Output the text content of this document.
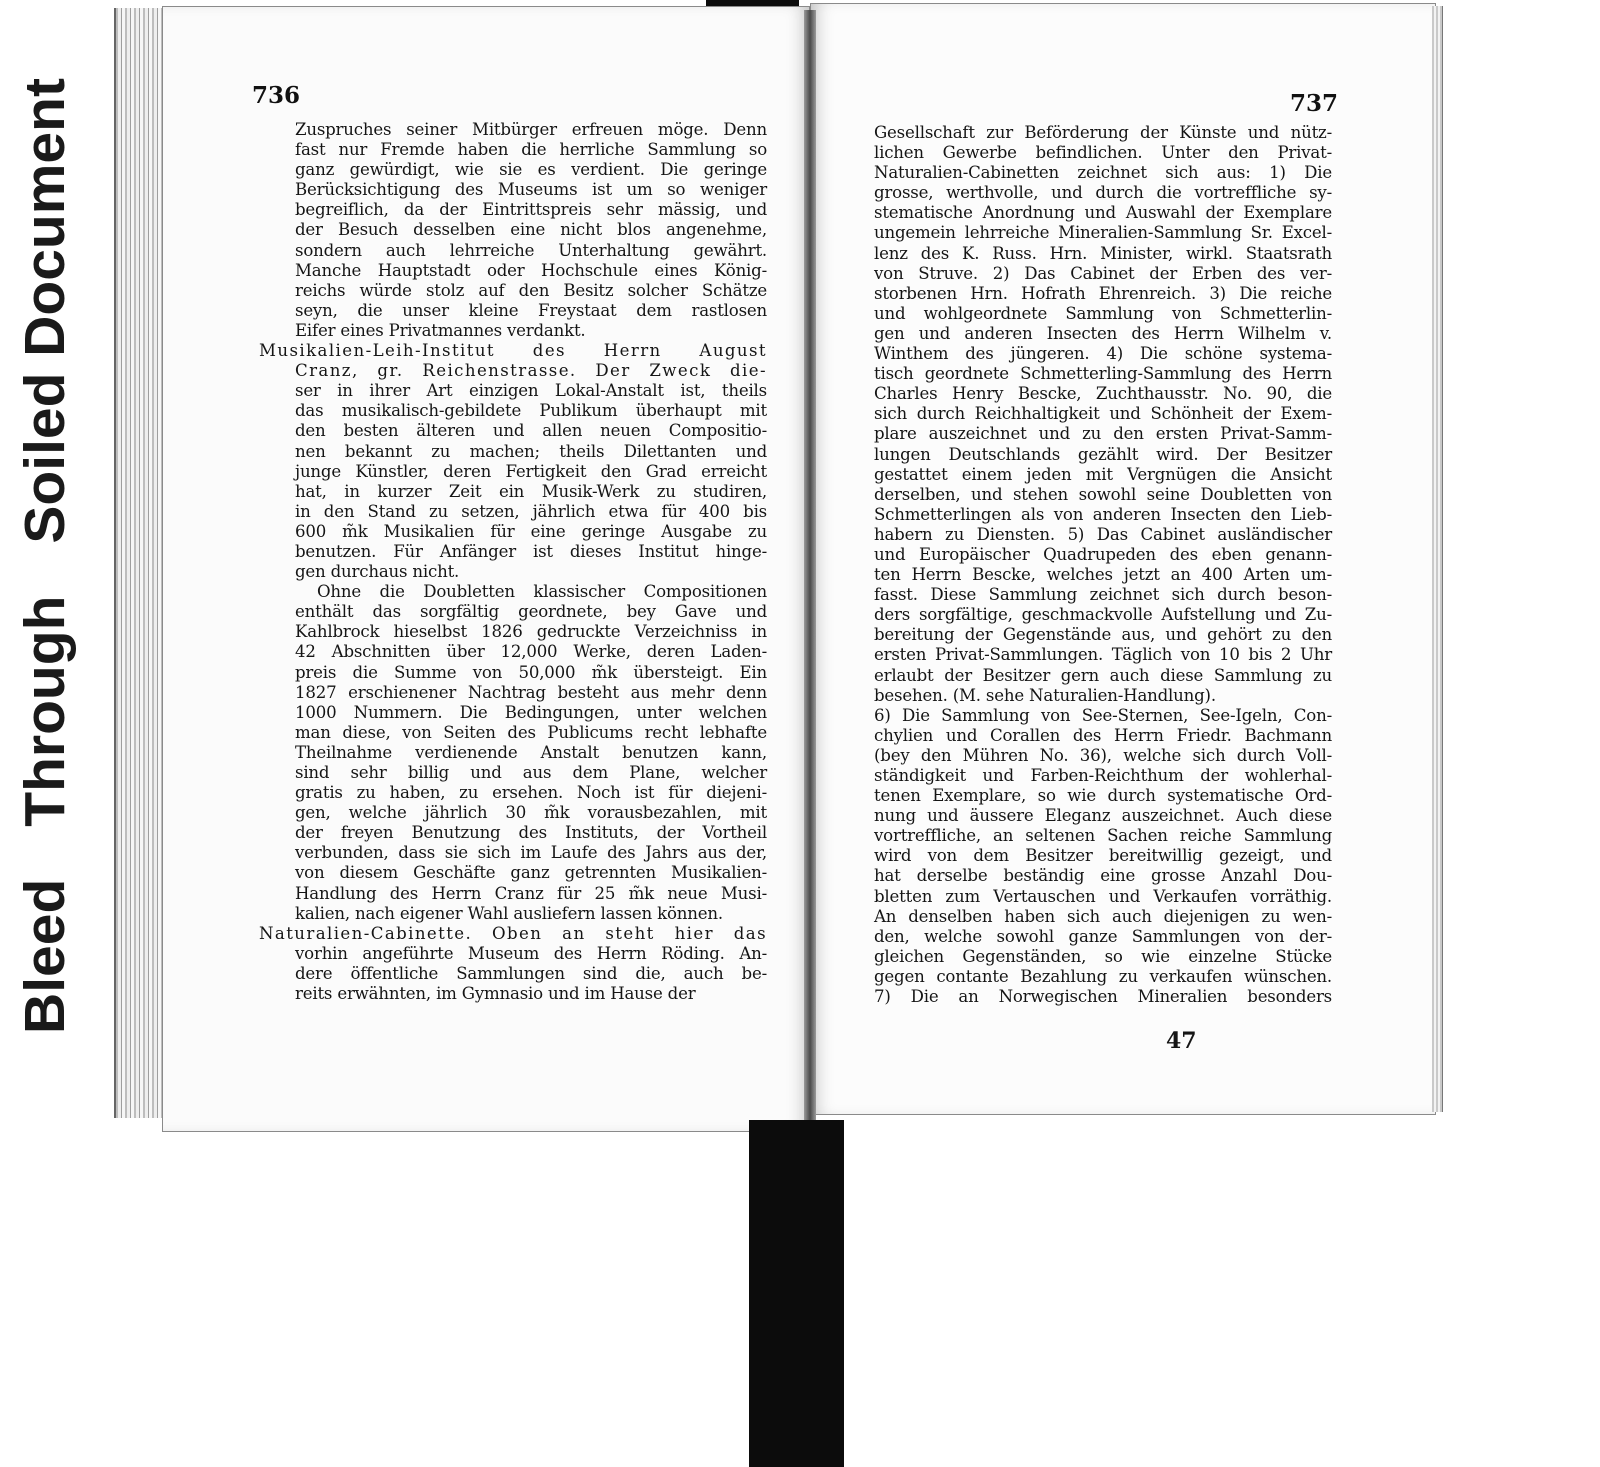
BleedThroughSoiled Document	736	737
Zuspruches seiner Mitbürger erfreuen möge. Denn
fast nur Fremde haben die herrliche Sammlung so
ganz gewürdigt, wie sie es verdient. Die geringe
Berücksichtigung des Museums ist um so weniger
begreiflich, da der Eintrittspreis sehr mässig, und
der Besuch desselben eine nicht blos angenehme,
sondern auch lehrreiche Unterhaltung gewährt.
Manche Hauptstadt oder Hochschule eines König-
reichs würde stolz auf den Besitz solcher Schätze
seyn, die unser kleine Freystaat dem rastlosen
Eifer eines Privatmannes verdankt.
Musikalien-Leih-Institut des Herrn August
Cranz, gr. Reichenstrasse. Der Zweck die-
ser in ihrer Art einzigen Lokal-Anstalt ist, theils
das musikalisch-gebildete Publikum überhaupt mit
den besten älteren und allen neuen Compositio-
nen bekannt zu machen; theils Dilettanten und
junge Künstler, deren Fertigkeit den Grad erreicht
hat, in kurzer Zeit ein Musik-Werk zu studiren,
in den Stand zu setzen, jährlich etwa für 400 bis
600 m̃k Musikalien für eine geringe Ausgabe zu
benutzen. Für Anfänger ist dieses Institut hinge-
gen durchaus nicht.
Ohne die Doubletten klassischer Compositionen
enthält das sorgfältig geordnete, bey Gave und
Kahlbrock hieselbst 1826 gedruckte Verzeichniss in
42 Abschnitten über 12,000 Werke, deren Laden-
preis die Summe von 50,000 m̃k übersteigt. Ein
1827 erschienener Nachtrag besteht aus mehr denn
1000 Nummern. Die Bedingungen, unter welchen
man diese, von Seiten des Publicums recht lebhafte
Theilnahme verdienende Anstalt benutzen kann,
sind sehr billig und aus dem Plane, welcher
gratis zu haben, zu ersehen. Noch ist für diejeni-
gen, welche jährlich 30 m̃k vorausbezahlen, mit
der freyen Benutzung des Instituts, der Vortheil
verbunden, dass sie sich im Laufe des Jahrs aus der,
von diesem Geschäfte ganz getrennten Musikalien-
Handlung des Herrn Cranz für 25 m̃k neue Musi-
kalien, nach eigener Wahl ausliefern lassen können.
Naturalien-Cabinette. Oben an steht hier das
vorhin angeführte Museum des Herrn Röding. An-
dere öffentliche Sammlungen sind die, auch be-
reits erwähnten, im Gymnasio und im Hause der
Gesellschaft zur Beförderung der Künste und nütz-
lichen Gewerbe befindlichen. Unter den Privat-
Naturalien-Cabinetten zeichnet sich aus: 1) Die
grosse, werthvolle, und durch die vortreffliche sy-
stematische Anordnung und Auswahl der Exemplare
ungemein lehrreiche Mineralien-Sammlung Sr. Excel-
lenz des K. Russ. Hrn. Minister, wirkl. Staatsrath
von Struve. 2) Das Cabinet der Erben des ver-
storbenen Hrn. Hofrath Ehrenreich. 3) Die reiche
und wohlgeordnete Sammlung von Schmetterlin-
gen und anderen Insecten des Herrn Wilhelm v.
Winthem des jüngeren. 4) Die schöne systema-
tisch geordnete Schmetterling-Sammlung des Herrn
Charles Henry Bescke, Zuchthausstr. No. 90, die
sich durch Reichhaltigkeit und Schönheit der Exem-
plare auszeichnet und zu den ersten Privat-Samm-
lungen Deutschlands gezählt wird. Der Besitzer
gestattet einem jeden mit Vergnügen die Ansicht
derselben, und stehen sowohl seine Doubletten von
Schmetterlingen als von anderen Insecten den Lieb-
habern zu Diensten. 5) Das Cabinet ausländischer
und Europäischer Quadrupeden des eben genann-
ten Herrn Bescke, welches jetzt an 400 Arten um-
fasst. Diese Sammlung zeichnet sich durch beson-
ders sorgfältige, geschmackvolle Aufstellung und Zu-
bereitung der Gegenstände aus, und gehört zu den
ersten Privat-Sammlungen. Täglich von 10 bis 2 Uhr
erlaubt der Besitzer gern auch diese Sammlung zu
besehen. (M. sehe Naturalien-Handlung).
6) Die Sammlung von See-Sternen, See-Igeln, Con-
chylien und Corallen des Herrn Friedr. Bachmann
(bey den Mühren No. 36), welche sich durch Voll-
ständigkeit und Farben-Reichthum der wohlerhal-
tenen Exemplare, so wie durch systematische Ord-
nung und äussere Eleganz auszeichnet. Auch diese
vortreffliche, an seltenen Sachen reiche Sammlung
wird von dem Besitzer bereitwillig gezeigt, und
hat derselbe beständig eine grosse Anzahl Dou-
bletten zum Vertauschen und Verkaufen vorräthig.
An denselben haben sich auch diejenigen zu wen-
den, welche sowohl ganze Sammlungen von der-
gleichen Gegenständen, so wie einzelne Stücke
gegen contante Bezahlung zu verkaufen wünschen.
7) Die an Norwegischen Mineralien besonders
47
